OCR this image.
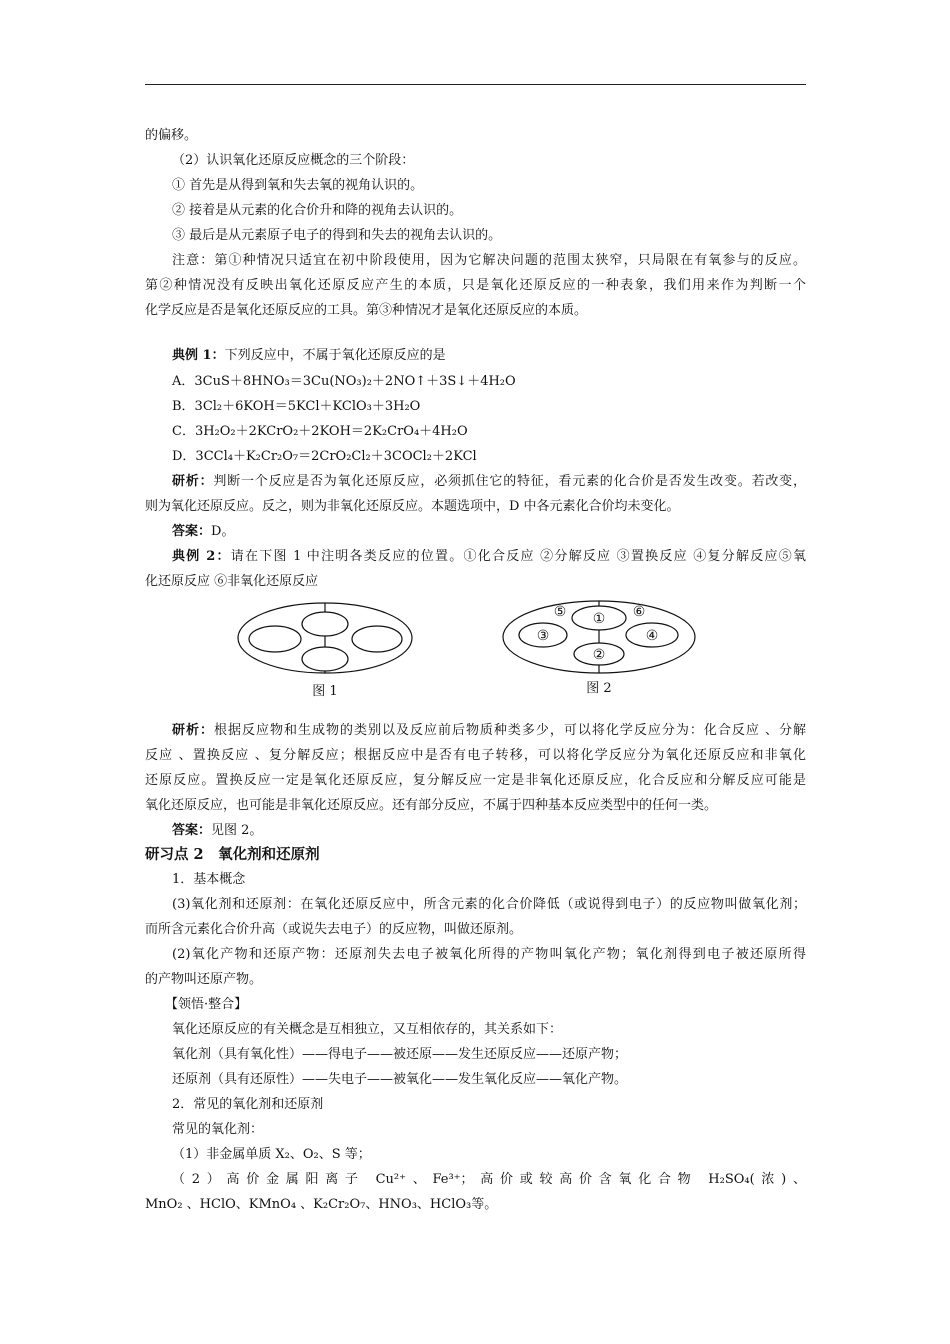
的偏移。
（2）认识氧化还原反应概念的三个阶段：
① 首先是从得到氧和失去氧的视角认识的。
② 接着是从元素的化合价升和降的视角去认识的。
③ 最后是从元素原子电子的得到和失去的视角去认识的。
注意：第①种情况只适宜在初中阶段使用，因为它解决问题的范围太狭窄，只局限在有氧参与的反应。
第②种情况没有反映出氧化还原反应产生的本质，只是氧化还原反应的一种表象，我们用来作为判断一个
化学反应是否是氧化还原反应的工具。第③种情况才是氧化还原反应的本质。
典例 1：下列反应中，不属于氧化还原反应的是
A．3CuS＋8HNO₃＝3Cu(NO₃)₂＋2NO↑＋3S↓＋4H₂O
B．3Cl₂＋6KOH＝5KCl＋KClO₃＋3H₂O
C．3H₂O₂＋2KCrO₂＋2KOH＝2K₂CrO₄＋4H₂O
D．3CCl₄＋K₂Cr₂O₇＝2CrO₂Cl₂＋3COCl₂＋2KCl
研析：判断一个反应是否为氧化还原反应，必须抓住它的特征，看元素的化合价是否发生改变。若改变，
则为氧化还原反应。反之，则为非氧化还原反应。本题选项中，D 中各元素化合价均未变化。
答案：D。
典例 2：请在下图 1 中注明各类反应的位置。①化合反应 ②分解反应 ③置换反应 ④复分解反应⑤氧
化还原反应 ⑥非氧化还原反应
图 1
①
②
③	④
⑤	⑥
图 2
研析：根据反应物和生成物的类别以及反应前后物质种类多少，可以将化学反应分为：化合反应 、分解
反应 、置换反应 、复分解反应；根据反应中是否有电子转移，可以将化学反应分为氧化还原反应和非氧化
还原反应。置换反应一定是氧化还原反应，复分解反应一定是非氧化还原反应，化合反应和分解反应可能是
氧化还原反应，也可能是非氧化还原反应。还有部分反应，不属于四种基本反应类型中的任何一类。
答案：见图 2。
研习点 2　氧化剂和还原剂
1．基本概念
(3)氧化剂和还原剂：在氧化还原反应中，所含元素的化合价降低（或说得到电子）的反应物叫做氧化剂；
而所含元素化合价升高（或说失去电子）的反应物，叫做还原剂。
(2)氧化产物和还原产物：还原剂失去电子被氧化所得的产物叫氧化产物；氧化剂得到电子被还原所得
的产物叫还原产物。
【领悟·整合】
氧化还原反应的有关概念是互相独立，又互相依存的，其关系如下：
氧化剂（具有氧化性）——得电子——被还原——发生还原反应——还原产物；
还原剂（具有还原性）——失电子——被氧化——发生氧化反应——氧化产物。
2．常见的氧化剂和还原剂
常见的氧化剂：
（1）非金属单质 X₂、O₂、S 等；
（2）高价金属阳离子 Cu²⁺、Fe³⁺；高价或较高价含氧化合物 H₂SO₄(浓)、
MnO₂ 、HClO、KMnO₄ 、K₂Cr₂O₇、HNO₃、HClO₃等。
